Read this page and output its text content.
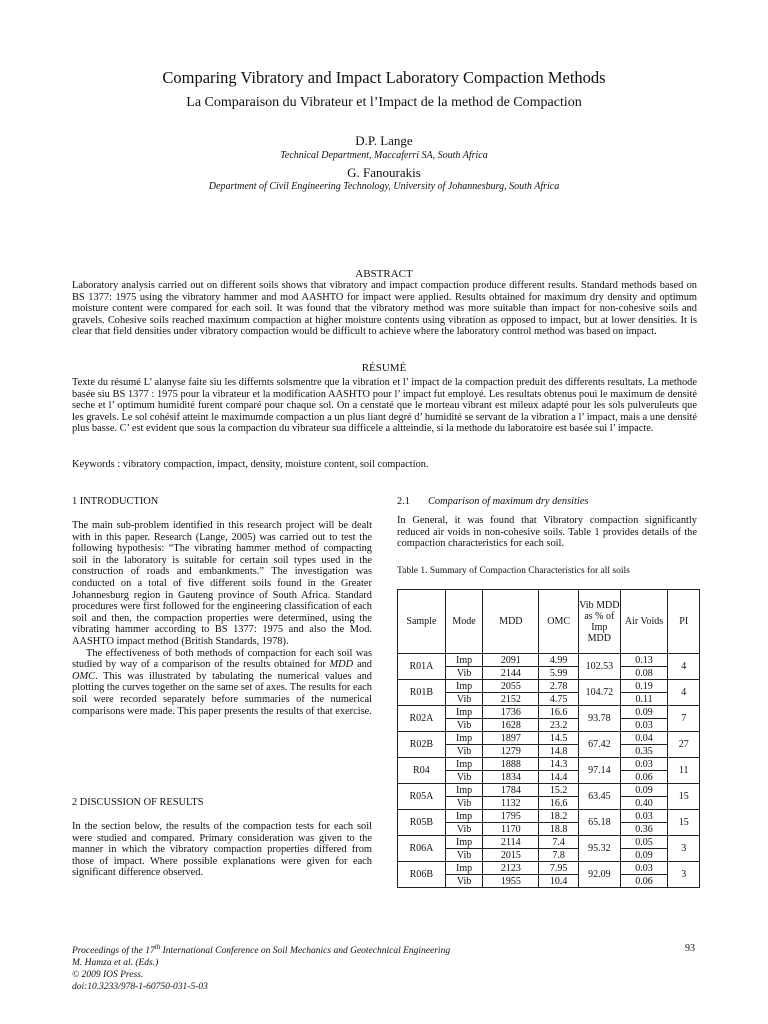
Comparing Vibratory and Impact Laboratory Compaction Methods
La Comparaison du Vibrateur et l’Impact de la method de Compaction
D.P. Lange
Technical Department, Maccaferri SA, South Africa
G. Fanourakis
Department of Civil Engineering Technology, University of Johannesburg, South Africa
ABSTRACT
Laboratory analysis carried out on different soils shows that vibratory and impact compaction produce different results. Standard methods based on BS 1377: 1975 using the vibratory hammer and mod AASHTO for impact were applied. Results obtained for maximum dry density and optimum moisture content were compared for each soil. It was found that the vibratory method was more suitable than impact for non-cohesive soils and gravels. Cohesive soils reached maximum compaction at higher moisture contents using vibration as opposed to impact, but at lower densities. It is clear that field densities under vibratory compaction would be difficult to achieve where the laboratory control method was based on impact.
RÉSUMÉ
Texte du résumé L’ alanyse faite siu les differnts solsmentre que la vibration et l’ impact de la compaction preduit des differents resultats. La methode basée siu BS 1377 : 1975 pour la vibrateur et la modification AASHTO pour l’ impact fut employé. Les resultats obtenus poui le maximum de densité seche et l’ optimum humidité furent comparé pour chaque sol. On a censtaté que le morteau vibrant est mileux adapté pour les sols pulveruleuts que les gravels. Le sol cohésif atteint le maximumde compaction a un plus liant degré d’ humidité se servant de la vibration a l’ impact, mais a une densité plus basse. C’ est evident que sous la compaction du vibrateur sua difficele a altteindie, si la methode du laboratoire est basée sui l’ impacte.
Keywords : vibratory compaction, impact, density, moisture content, soil compaction.
1 INTRODUCTION
The main sub-problem identified in this research project will be dealt with in this paper. Research (Lange, 2005) was carried out to test the following hypothesis: “The vibrating hammer method of compacting soil in the laboratory is suitable for certain soil types used in the construction of roads and embankments.” The investigation was conducted on a total of five different soils found in the Greater Johannesburg region in Gauteng province of South Africa. Standard procedures were first followed for the engineering classification of each soil and then, the compaction properties were determined, using the vibrating hammer according to BS 1377: 1975 and also the Mod. AASHTO impact method (British Standards, 1978).
The effectiveness of both methods of compaction for each soil was studied by way of a comparison of the results obtained for MDD and OMC. This was illustrated by tabulating the numerical values and plotting the curves together on the same set of axes. The results for each soil were recorded separately before summaries of the numerical comparisons were made. This paper presents the results of that exercise.
2 DISCUSSION OF RESULTS
In the section below, the results of the compaction tests for each soil were studied and compared. Primary consideration was given to the manner in which the vibratory compaction properties differed from those of impact. Where possible explanations were given for each significant difference observed.
2.1 Comparison of maximum dry densities
In General, it was found that Vibratory compaction significantly reduced air voids in non-cohesive soils. Table 1 provides details of the compaction characteristics for each soil.
Table 1. Summary of Compaction Characteristics for all soils
Sample	Mode	MDD	OMC	Vib MDD as % of Imp MDD	Air Voids	PI
R01A	Imp	2091	4.99	102.53	0.13	4
	Vib	2144	5.99		0.08	
R01B	Imp	2055	2.78	104.72	0.19	4
	Vib	2152	4.75		0.11	
R02A	Imp	1736	16.6	93.78	0.09	7
	Vib	1628	23.2		0.03	
R02B	Imp	1897	14.5	67.42	0.04	27
	Vib	1279	14.8		0.35	
R04	Imp	1888	14.3	97.14	0.03	11
	Vib	1834	14.4		0.06	
R05A	Imp	1784	15.2	63.45	0.09	15
	Vib	1132	16.6		0.40	
R05B	Imp	1795	18.2	65.18	0.03	15
	Vib	1170	18.8		0.36	
R06A	Imp	2114	7.4	95.32	0.05	3
	Vib	2015	7.8		0.09	
R06B	Imp	2123	7.95	92.09	0.03	3
	Vib	1955	10.4		0.06	
Proceedings of the 17th International Conference on Soil Mechanics and Geotechnical Engineering
M. Hamza et al. (Eds.)
© 2009 IOS Press.
doi:10.3233/978-1-60750-031-5-03
93
